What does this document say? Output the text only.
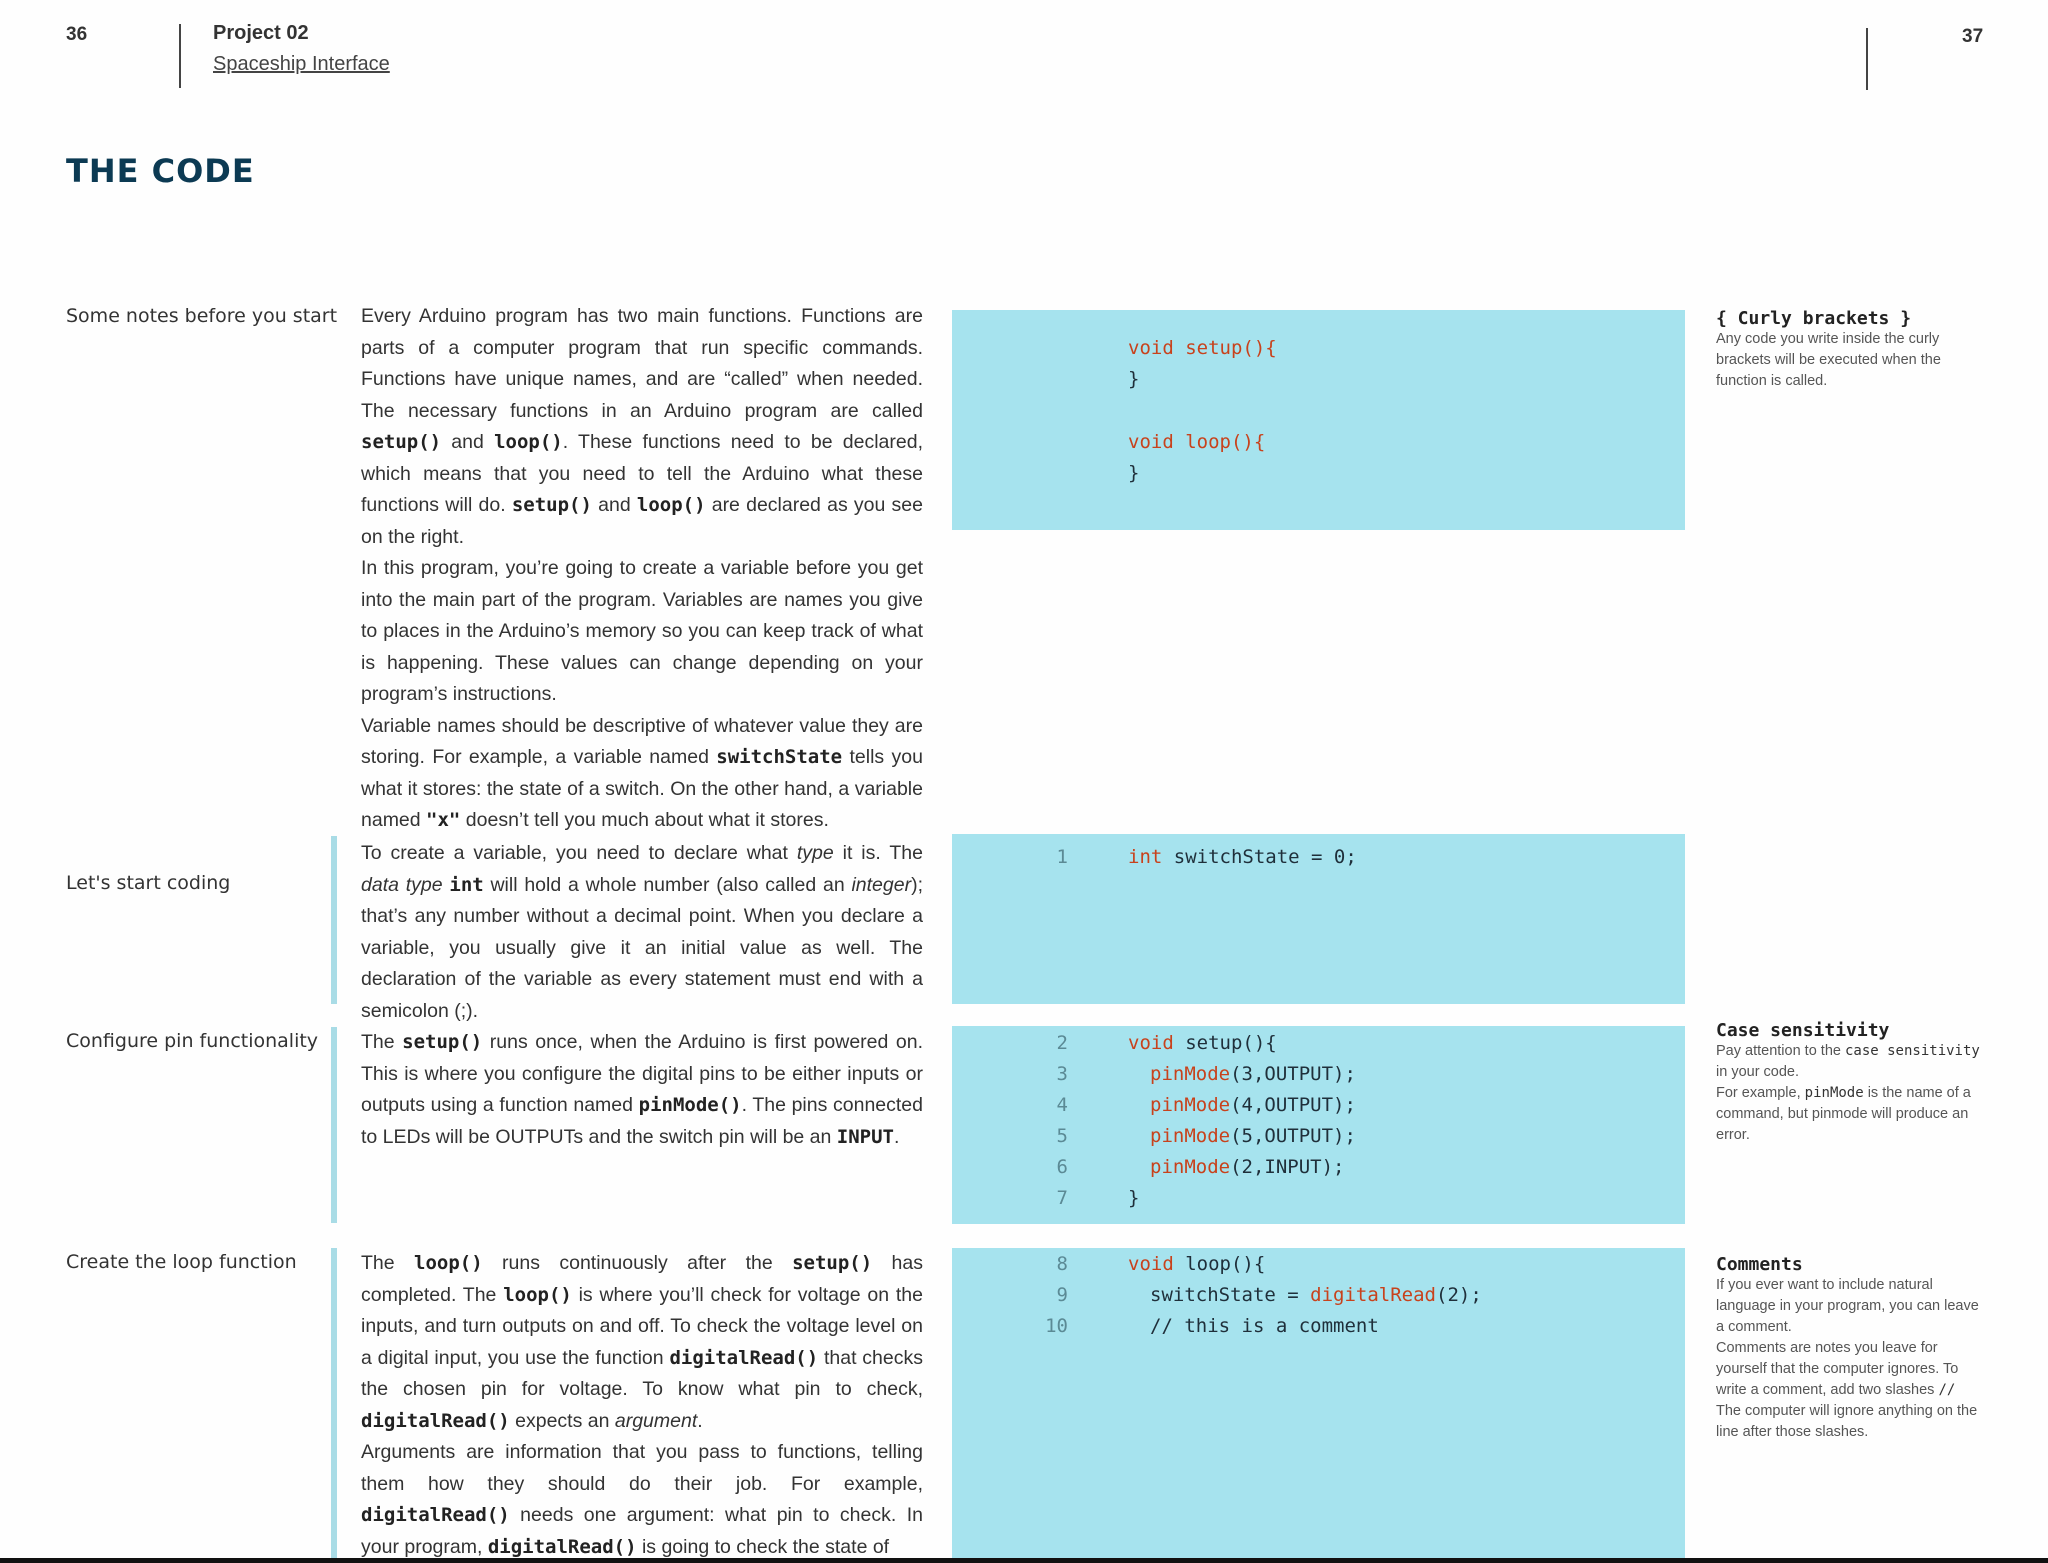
36	Project 02
Spaceship Interface
37
THE CODE
Some notes before you start
Let's start coding
Configure pin functionality
Create the loop function

Every Arduino program has two main functions. Functions are parts of a computer program that run specific commands. Functions have unique names, and are “called” when needed. The necessary functions in an Arduino program are called setup() and loop(). These functions need to be declared, which means that you need to tell the Arduino what these functions will do. setup() and loop() are declared as you see on the right.

In this program, you’re going to create a variable before you get into the main part of the program. Variables are names you give to places in the Arduino’s memory so you can keep track of what is happening. These values can change depending on your program’s instructions.

Variable names should be descriptive of whatever value they are storing. For example, a variable named switchState tells you what it stores: the state of a switch. On the other hand, a variable named "x" doesn’t tell you much about what it stores.

To create a variable, you need to declare what type it is. The data type int will hold a whole number (also called an integer); that’s any number without a decimal point. When you declare a variable, you usually give it an initial value as well. The declaration of the variable as every statement must end with a semicolon (;).

The setup() runs once, when the Arduino is first powered on. This is where you configure the digital pins to be either inputs or outputs using a function named pinMode(). The pins connected to LEDs will be OUTPUTs and the switch pin will be an INPUT.

The loop() runs continuously after the setup() has completed. The loop() is where you’ll check for voltage on the inputs, and turn outputs on and off. To check the voltage level on a digital input, you use the function digitalRead() that checks the chosen pin for voltage. To know what pin to check, digitalRead() expects an argument.

Arguments are information that you pass to functions, telling them how they should do their job. For example, digitalRead() needs one argument: what pin to check. In your program, digitalRead() is going to check the state of

void setup(){
}
void loop(){
}
1	int switchState = 0;
2	void setup(){
3	pinMode(3,OUTPUT);
4	pinMode(4,OUTPUT);
5	pinMode(5,OUTPUT);
6	pinMode(2,INPUT);
7	}
8	void loop(){
9	switchState = digitalRead(2);
10	// this is a comment
{ Curly brackets }
Any code you write inside the curly brackets will be executed when the function is called.
Case sensitivity
Pay attention to the case sensitivity in your code.
For example, pinMode is the name of a command, but pinmode will produce an error.
Comments
If you ever want to include natural language in your program, you can leave a comment.
Comments are notes you leave for yourself that the computer ignores. To write a comment, add two slashes //
The computer will ignore anything on the line after those slashes.
